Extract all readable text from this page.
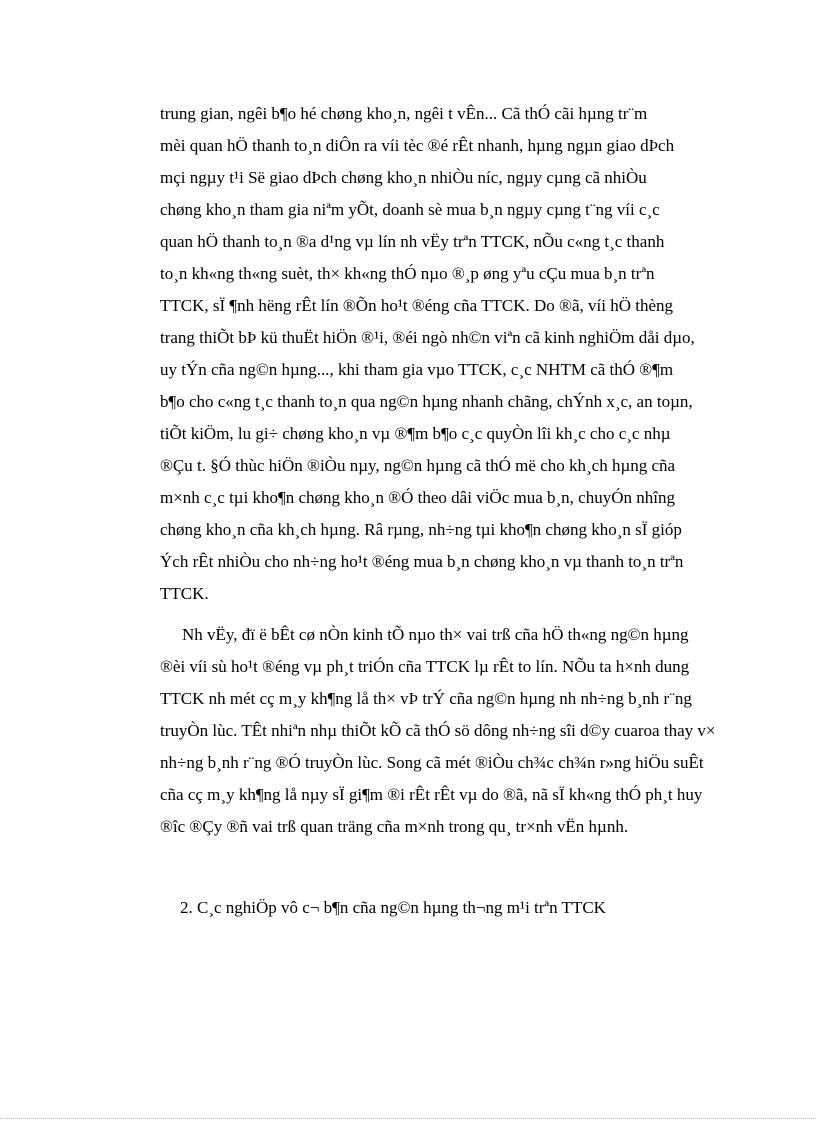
trung gian, ngêi b¶o hé chøng kho¸n, ngêi t vÊn... Cã thÓ cãi hµng tr¨m
mèi quan hÖ thanh to¸n diÔn ra víi tèc ®é rÊt nhanh, hµng ngµn giao dÞch
mçi ngµy t¹i Së giao dÞch chøng kho¸n nhiÒu níc, ngµy cµng cã nhiÒu
chøng kho¸n tham gia niªm yÕt, doanh sè mua b¸n ngµy cµng t¨ng víi c¸c
quan hÖ thanh to¸n ®a d¹ng vµ lín nh vËy trªn TTCK, nÕu c«ng t¸c thanh
to¸n kh«ng th«ng suèt, th× kh«ng thÓ nµo ®¸p øng yªu cÇu mua b¸n trªn
TTCK, sÏ ¶nh hëng rÊt lín ®Õn ho¹t ®éng cña TTCK. Do ®ã, víi hÖ thèng
trang thiÕt bÞ kü thuËt hiÖn ®¹i, ®éi ngò nh©n viªn cã kinh nghiÖm dåi dµo,
uy tÝn cña ng©n hµng..., khi tham gia vµo TTCK, c¸c NHTM cã thÓ ®¶m
b¶o cho c«ng t¸c thanh to¸n qua ng©n hµng nhanh chãng, chÝnh x¸c, an toµn,
tiÕt kiÖm, lu gi÷ chøng kho¸n vµ ®¶m b¶o c¸c quyÒn lîi kh¸c cho c¸c nhµ
®Çu t. §Ó thùc hiÖn ®iÒu nµy, ng©n hµng cã thÓ më cho kh¸ch hµng cña
m×nh c¸c tµi kho¶n chøng kho¸n ®Ó theo dâi viÖc mua b¸n, chuyÓn nhîng
chøng kho¸n cña kh¸ch hµng. Râ rµng, nh÷ng tµi kho¶n chøng kho¸n sÏ gióp
Ých rÊt nhiÒu cho nh÷ng ho¹t ®éng mua b¸n chøng kho¸n vµ thanh to¸n trªn
TTCK.
Nh vËy, đï ë bÊt cø nÒn kinh tÕ nµo th× vai trß cña hÖ th«ng ng©n hµng
®èi víi sù ho¹t ®éng vµ ph¸t triÓn cña TTCK lµ rÊt to lín. NÕu ta h×nh dung
TTCK nh mét cç m¸y kh¶ng lå th× vÞ trÝ cña ng©n hµng nh nh÷ng b¸nh r¨ng
truyÒn lùc. TÊt nhiªn nhµ thiÕt kÕ cã thÓ sö dông nh÷ng sîi d©y cuaroa thay v×
nh÷ng b¸nh r¨ng ®Ó truyÒn lùc. Song cã mét ®iÒu ch¾c ch¾n r»ng hiÖu suÊt
cña cç m¸y kh¶ng lå nµy sÏ gi¶m ®i rÊt rÊt vµ do ®ã, nã sÏ kh«ng thÓ ph¸t huy
®îc ®Çy ®ñ vai trß quan träng cña m×nh trong qu¸ tr×nh vËn hµnh.
2. C¸c nghiÖp vô c¬ b¶n cña ng©n hµng th¬ng m¹i trªn TTCK
